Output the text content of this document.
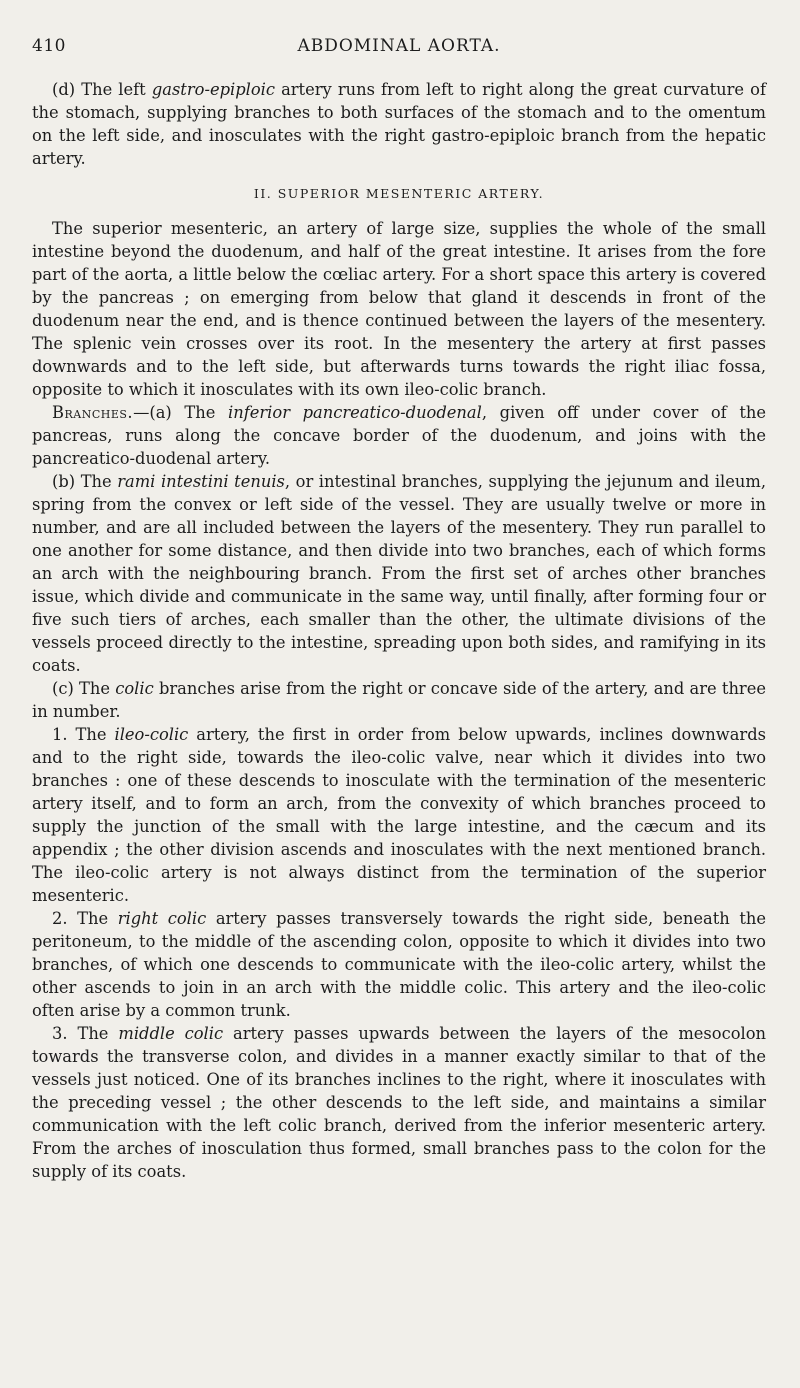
410	ABDOMINAL AORTA.

(d) The left gastro-epiploic artery runs from left to right along the great curvature of the stomach, supplying branches to both surfaces of the stomach and to the omentum on the left side, and inosculates with the right gastro-epiploic branch from the hepatic artery.

II. SUPERIOR MESENTERIC ARTERY.

The superior mesenteric, an artery of large size, supplies the whole of the small intestine beyond the duodenum, and half of the great intestine. It arises from the fore part of the aorta, a little below the cœliac artery. For a short space this artery is covered by the pancreas ; on emerging from below that gland it descends in front of the duodenum near the end, and is thence continued between the layers of the mesentery. The splenic vein crosses over its root. In the mesentery the artery at first passes downwards and to the left side, but afterwards turns towards the right iliac fossa, opposite to which it inosculates with its own ileo-colic branch.

Branches.—(a) The inferior pancreatico-duodenal, given off under cover of the pancreas, runs along the concave border of the duodenum, and joins with the pancreatico-duodenal artery.

(b) The rami intestini tenuis, or intestinal branches, supplying the jejunum and ileum, spring from the convex or left side of the vessel. They are usually twelve or more in number, and are all included between the layers of the mesentery. They run parallel to one another for some distance, and then divide into two branches, each of which forms an arch with the neighbouring branch. From the first set of arches other branches issue, which divide and communicate in the same way, until finally, after forming four or five such tiers of arches, each smaller than the other, the ultimate divisions of the vessels proceed directly to the intestine, spreading upon both sides, and ramifying in its coats.

(c) The colic branches arise from the right or concave side of the artery, and are three in number.

1. The ileo-colic artery, the first in order from below upwards, inclines downwards and to the right side, towards the ileo-colic valve, near which it divides into two branches : one of these descends to inosculate with the termination of the mesenteric artery itself, and to form an arch, from the convexity of which branches proceed to supply the junction of the small with the large intestine, and the cæcum and its appendix ; the other division ascends and inosculates with the next mentioned branch. The ileo-colic artery is not always distinct from the termination of the superior mesenteric.

2. The right colic artery passes transversely towards the right side, beneath the peritoneum, to the middle of the ascending colon, opposite to which it divides into two branches, of which one descends to communicate with the ileo-colic artery, whilst the other ascends to join in an arch with the middle colic. This artery and the ileo-colic often arise by a common trunk.

3. The middle colic artery passes upwards between the layers of the mesocolon towards the transverse colon, and divides in a manner exactly similar to that of the vessels just noticed. One of its branches inclines to the right, where it inosculates with the preceding vessel ; the other descends to the left side, and maintains a similar communication with the left colic branch, derived from the inferior mesenteric artery. From the arches of inosculation thus formed, small branches pass to the colon for the supply of its coats.
